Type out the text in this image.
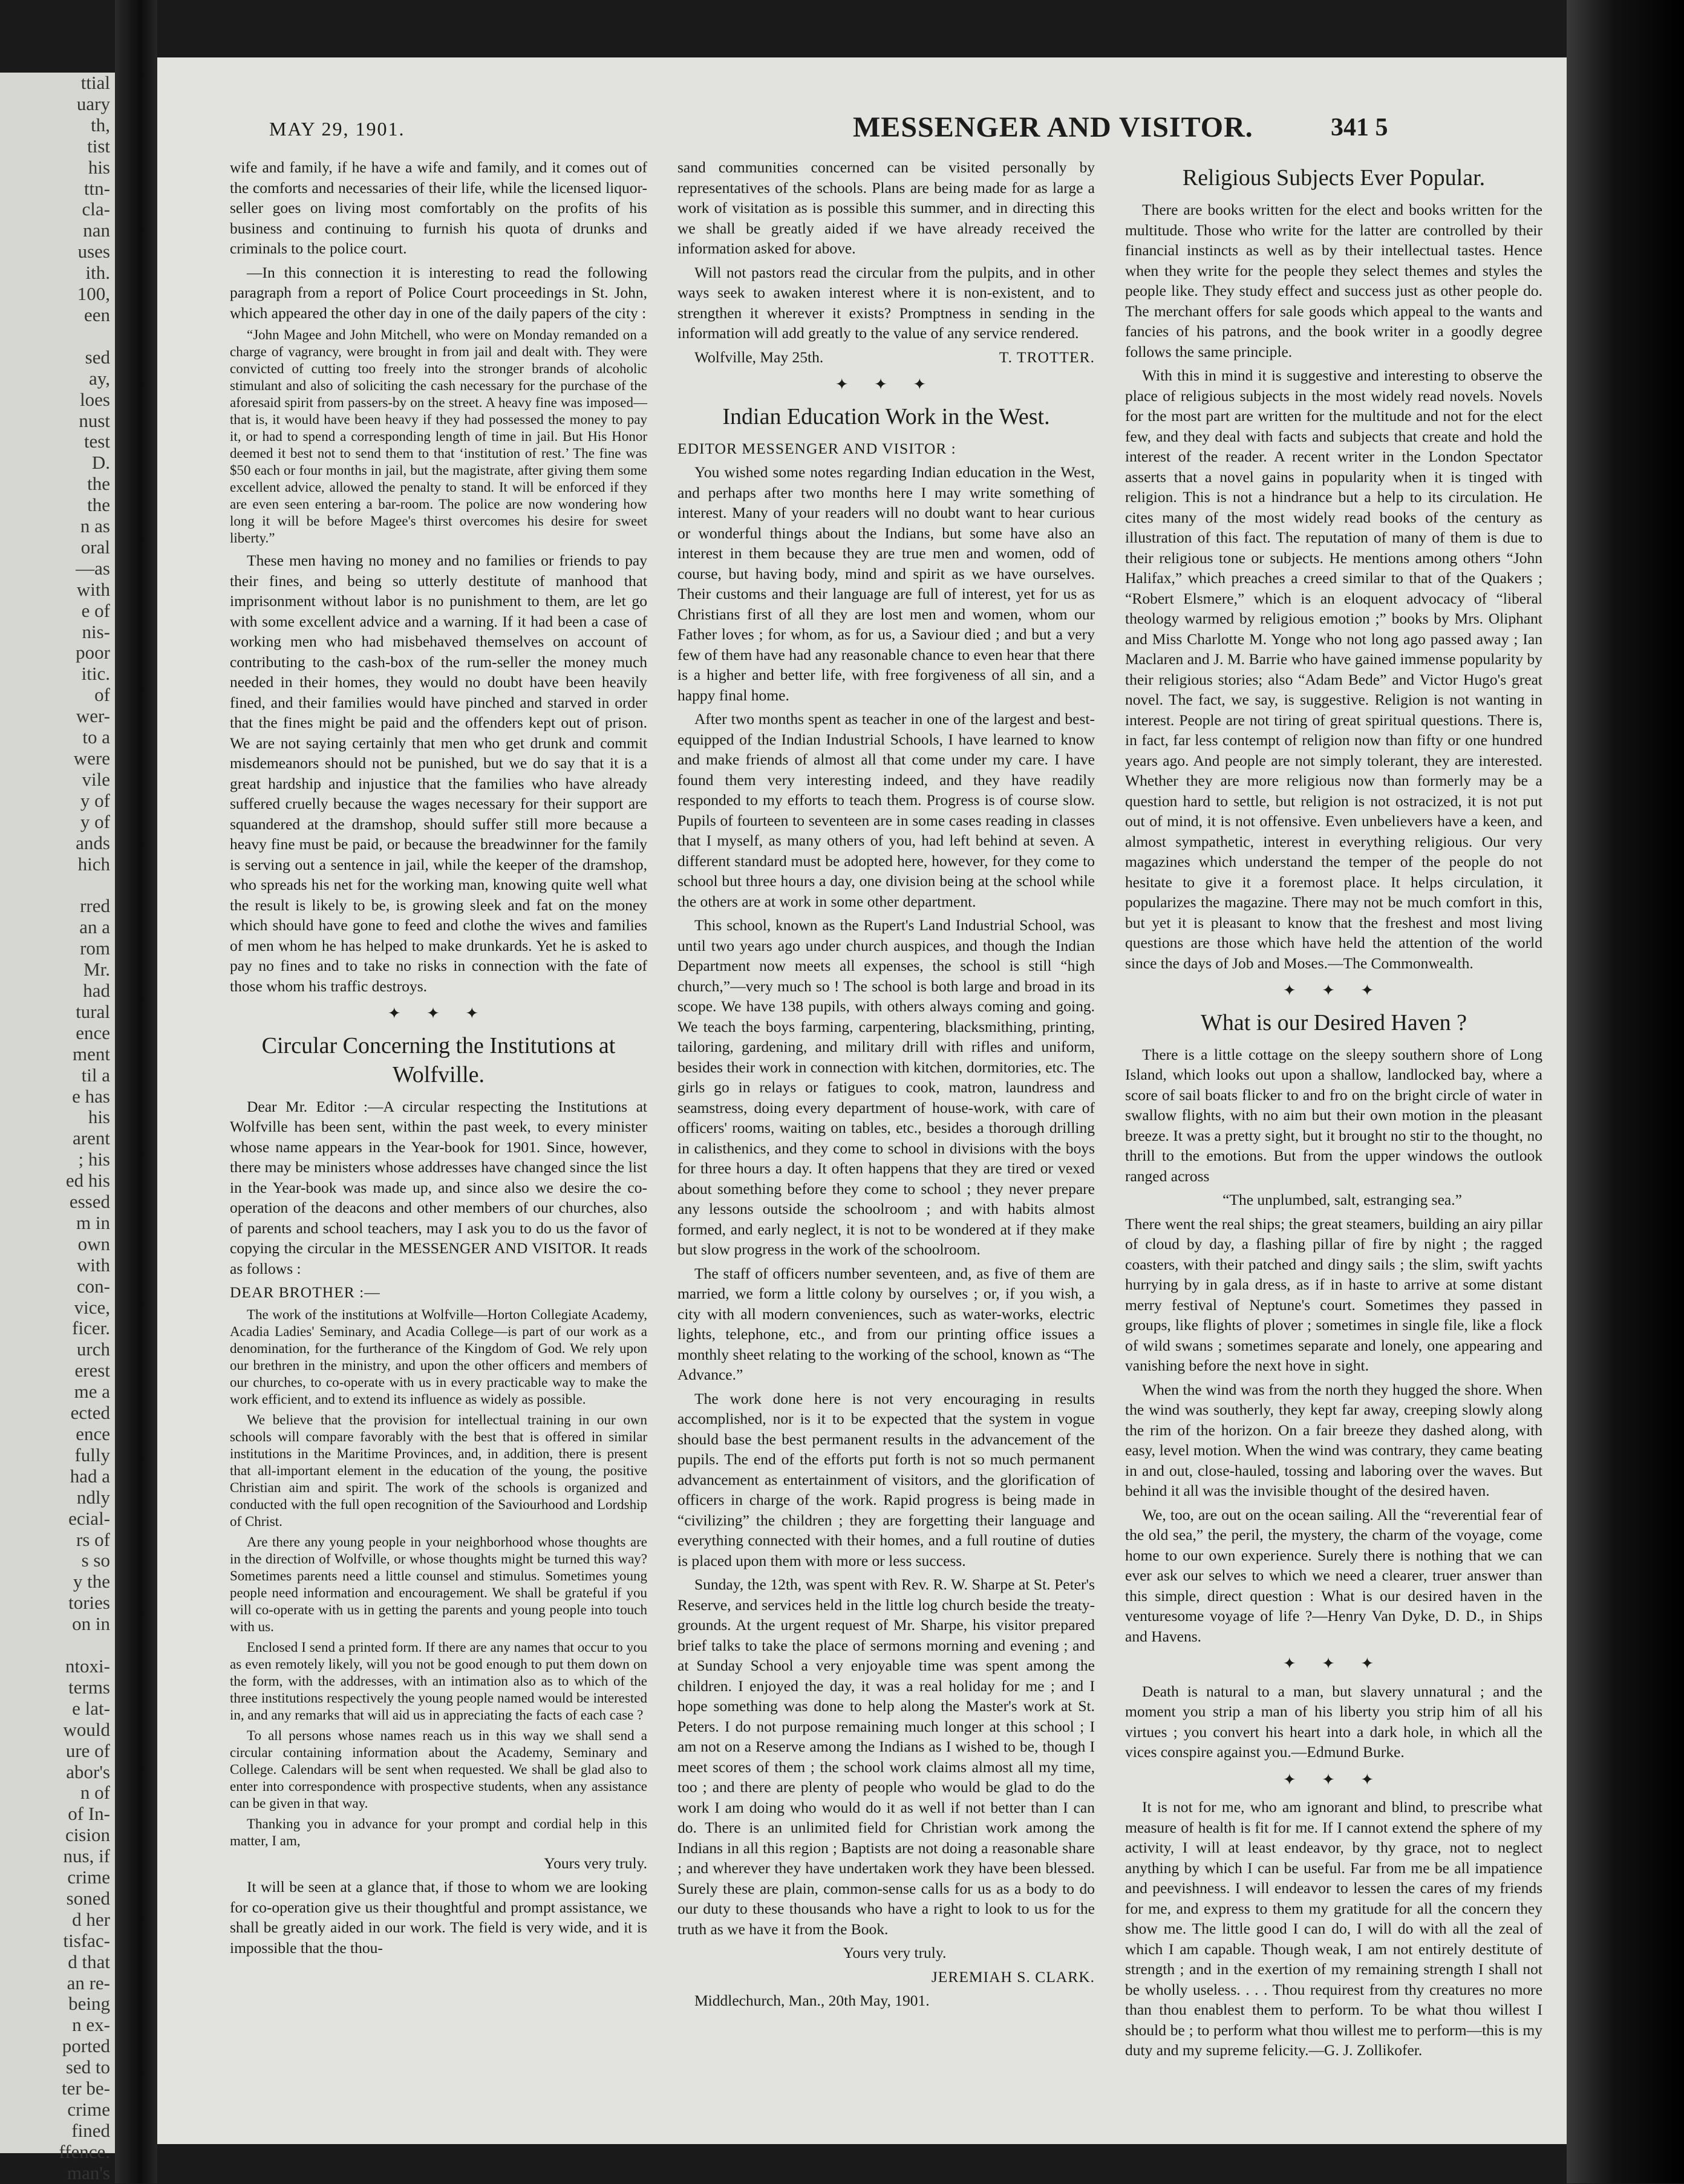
ttial
uary
th,
tist
his
ttn-
cla-
nan
uses
ith.
100,
een

sed
ay,
loes
nust
test
D.
the
the
n as
oral
—as
with
e of
nis-
poor
itic.
of
wer-
to a
were
vile
y of
y of
ands
hich

rred
an a
rom
Mr.
had
tural
ence
ment
til a
e has
his
arent
; his
ed his
essed
m in
own
with
con-
vice,
ficer.
urch
erest
me a
ected
ence
fully
had a
ndly
ecial-
rs of
s so
y the
tories
on in

ntoxi-
terms
e lat-
would
ure of
abor's
n of
of In-
cision
nus, if
crime
soned
d her
tisfac-
d that
an re-
being
n ex-
ported
sed to
ter be-
crime
fined
ffence.
man's
MAY 29, 1901.	MESSENGER AND VISITOR.	341 5

wife and family, if he have a wife and family, and it comes out of the comforts and necessaries of their life, while the licensed liquor-seller goes on living most comfortably on the profits of his business and continuing to furnish his quota of drunks and criminals to the police court.

—In this connection it is interesting to read the following paragraph from a report of Police Court proceedings in St. John, which appeared the other day in one of the daily papers of the city :

“John Magee and John Mitchell, who were on Monday remanded on a charge of vagrancy, were brought in from jail and dealt with. They were convicted of cutting too freely into the stronger brands of alcoholic stimulant and also of soliciting the cash necessary for the purchase of the aforesaid spirit from passers-by on the street. A heavy fine was imposed—that is, it would have been heavy if they had possessed the money to pay it, or had to spend a corresponding length of time in jail. But His Honor deemed it best not to send them to that ‘institution of rest.’ The fine was $50 each or four months in jail, but the magistrate, after giving them some excellent advice, allowed the penalty to stand. It will be enforced if they are even seen entering a bar-room. The police are now wondering how long it will be before Magee's thirst overcomes his desire for sweet liberty.”

These men having no money and no families or friends to pay their fines, and being so utterly destitute of manhood that imprisonment without labor is no punishment to them, are let go with some excellent advice and a warning. If it had been a case of working men who had misbehaved themselves on account of contributing to the cash-box of the rum-seller the money much needed in their homes, they would no doubt have been heavily fined, and their families would have pinched and starved in order that the fines might be paid and the offenders kept out of prison. We are not saying certainly that men who get drunk and commit misdemeanors should not be punished, but we do say that it is a great hardship and injustice that the families who have already suffered cruelly because the wages necessary for their support are squandered at the dramshop, should suffer still more because a heavy fine must be paid, or because the breadwinner for the family is serving out a sentence in jail, while the keeper of the dramshop, who spreads his net for the working man, knowing quite well what the result is likely to be, is growing sleek and fat on the money which should have gone to feed and clothe the wives and families of men whom he has helped to make drunkards. Yet he is asked to pay no fines and to take no risks in connection with the fate of those whom his traffic destroys.

✦ ✦ ✦
Circular Concerning the Institutions at Wolfville.

Dear Mr. Editor :—A circular respecting the Institutions at Wolfville has been sent, within the past week, to every minister whose name appears in the Year-book for 1901. Since, however, there may be ministers whose addresses have changed since the list in the Year-book was made up, and since also we desire the co-operation of the deacons and other members of our churches, also of parents and school teachers, may I ask you to do us the favor of copying the circular in the MESSENGER AND VISITOR. It reads as follows :

DEAR BROTHER :—

The work of the institutions at Wolfville—Horton Collegiate Academy, Acadia Ladies' Seminary, and Acadia College—is part of our work as a denomination, for the furtherance of the Kingdom of God. We rely upon our brethren in the ministry, and upon the other officers and members of our churches, to co-operate with us in every practicable way to make the work efficient, and to extend its influence as widely as possible.

We believe that the provision for intellectual training in our own schools will compare favorably with the best that is offered in similar institutions in the Maritime Provinces, and, in addition, there is present that all-important element in the education of the young, the positive Christian aim and spirit. The work of the schools is organized and conducted with the full open recognition of the Saviourhood and Lordship of Christ.

Are there any young people in your neighborhood whose thoughts are in the direction of Wolfville, or whose thoughts might be turned this way? Sometimes parents need a little counsel and stimulus. Sometimes young people need information and encouragement. We shall be grateful if you will co-operate with us in getting the parents and young people into touch with us.

Enclosed I send a printed form. If there are any names that occur to you as even remotely likely, will you not be good enough to put them down on the form, with the addresses, with an intimation also as to which of the three institutions respectively the young people named would be interested in, and any remarks that will aid us in appreciating the facts of each case ?

To all persons whose names reach us in this way we shall send a circular containing information about the Academy, Seminary and College. Calendars will be sent when requested. We shall be glad also to enter into correspondence with prospective students, when any assistance can be given in that way.

Thanking you in advance for your prompt and cordial help in this matter, I am,

Yours very truly.

It will be seen at a glance that, if those to whom we are looking for co-operation give us their thoughtful and prompt assistance, we shall be greatly aided in our work. The field is very wide, and it is impossible that the thou-

sand communities concerned can be visited personally by representatives of the schools. Plans are being made for as large a work of visitation as is possible this summer, and in directing this we shall be greatly aided if we have already received the information asked for above.

Will not pastors read the circular from the pulpits, and in other ways seek to awaken interest where it is non-existent, and to strengthen it wherever it exists? Promptness in sending in the information will add greatly to the value of any service rendered.

Wolfville, May 25th.	T. TROTTER.

✦ ✦ ✦
Indian Education Work in the West.

EDITOR MESSENGER AND VISITOR :

You wished some notes regarding Indian education in the West, and perhaps after two months here I may write something of interest. Many of your readers will no doubt want to hear curious or wonderful things about the Indians, but some have also an interest in them because they are true men and women, odd of course, but having body, mind and spirit as we have ourselves. Their customs and their language are full of interest, yet for us as Christians first of all they are lost men and women, whom our Father loves ; for whom, as for us, a Saviour died ; and but a very few of them have had any reasonable chance to even hear that there is a higher and better life, with free forgiveness of all sin, and a happy final home.

After two months spent as teacher in one of the largest and best-equipped of the Indian Industrial Schools, I have learned to know and make friends of almost all that come under my care. I have found them very interesting indeed, and they have readily responded to my efforts to teach them. Progress is of course slow. Pupils of fourteen to seventeen are in some cases reading in classes that I myself, as many others of you, had left behind at seven. A different standard must be adopted here, however, for they come to school but three hours a day, one division being at the school while the others are at work in some other department.

This school, known as the Rupert's Land Industrial School, was until two years ago under church auspices, and though the Indian Department now meets all expenses, the school is still “high church,”—very much so ! The school is both large and broad in its scope. We have 138 pupils, with others always coming and going. We teach the boys farming, carpentering, blacksmithing, printing, tailoring, gardening, and military drill with rifles and uniform, besides their work in connection with kitchen, dormitories, etc. The girls go in relays or fatigues to cook, matron, laundress and seamstress, doing every department of house-work, with care of officers' rooms, waiting on tables, etc., besides a thorough drilling in calisthenics, and they come to school in divisions with the boys for three hours a day. It often happens that they are tired or vexed about something before they come to school ; they never prepare any lessons outside the schoolroom ; and with habits almost formed, and early neglect, it is not to be wondered at if they make but slow progress in the work of the schoolroom.

The staff of officers number seventeen, and, as five of them are married, we form a little colony by ourselves ; or, if you wish, a city with all modern conveniences, such as water-works, electric lights, telephone, etc., and from our printing office issues a monthly sheet relating to the working of the school, known as “The Advance.”

The work done here is not very encouraging in results accomplished, nor is it to be expected that the system in vogue should base the best permanent results in the advancement of the pupils. The end of the efforts put forth is not so much permanent advancement as entertainment of visitors, and the glorification of officers in charge of the work. Rapid progress is being made in “civilizing” the children ; they are forgetting their language and everything connected with their homes, and a full routine of duties is placed upon them with more or less success.

Sunday, the 12th, was spent with Rev. R. W. Sharpe at St. Peter's Reserve, and services held in the little log church beside the treaty-grounds. At the urgent request of Mr. Sharpe, his visitor prepared brief talks to take the place of sermons morning and evening ; and at Sunday School a very enjoyable time was spent among the children. I enjoyed the day, it was a real holiday for me ; and I hope something was done to help along the Master's work at St. Peters. I do not purpose remaining much longer at this school ; I am not on a Reserve among the Indians as I wished to be, though I meet scores of them ; the school work claims almost all my time, too ; and there are plenty of people who would be glad to do the work I am doing who would do it as well if not better than I can do. There is an unlimited field for Christian work among the Indians in all this region ; Baptists are not doing a reasonable share ; and wherever they have undertaken work they have been blessed. Surely these are plain, common-sense calls for us as a body to do our duty to these thousands who have a right to look to us for the truth as we have it from the Book.

Yours very truly.

JEREMIAH S. CLARK.

Middlechurch, Man., 20th May, 1901.

Religious Subjects Ever Popular.

There are books written for the elect and books written for the multitude. Those who write for the latter are controlled by their financial instincts as well as by their intellectual tastes. Hence when they write for the people they select themes and styles the people like. They study effect and success just as other people do. The merchant offers for sale goods which appeal to the wants and fancies of his patrons, and the book writer in a goodly degree follows the same principle.

With this in mind it is suggestive and interesting to observe the place of religious subjects in the most widely read novels. Novels for the most part are written for the multitude and not for the elect few, and they deal with facts and subjects that create and hold the interest of the reader. A recent writer in the London Spectator asserts that a novel gains in popularity when it is tinged with religion. This is not a hindrance but a help to its circulation. He cites many of the most widely read books of the century as illustration of this fact. The reputation of many of them is due to their religious tone or subjects. He mentions among others “John Halifax,” which preaches a creed similar to that of the Quakers ; “Robert Elsmere,” which is an eloquent advocacy of “liberal theology warmed by religious emotion ;” books by Mrs. Oliphant and Miss Charlotte M. Yonge who not long ago passed away ; Ian Maclaren and J. M. Barrie who have gained immense popularity by their religious stories; also “Adam Bede” and Victor Hugo's great novel. The fact, we say, is suggestive. Religion is not wanting in interest. People are not tiring of great spiritual questions. There is, in fact, far less contempt of religion now than fifty or one hundred years ago. And people are not simply tolerant, they are interested. Whether they are more religious now than formerly may be a question hard to settle, but religion is not ostracized, it is not put out of mind, it is not offensive. Even unbelievers have a keen, and almost sympathetic, interest in everything religious. Our very magazines which understand the temper of the people do not hesitate to give it a foremost place. It helps circulation, it popularizes the magazine. There may not be much comfort in this, but yet it is pleasant to know that the freshest and most living questions are those which have held the attention of the world since the days of Job and Moses.—The Commonwealth.

✦ ✦ ✦
What is our Desired Haven ?

There is a little cottage on the sleepy southern shore of Long Island, which looks out upon a shallow, landlocked bay, where a score of sail boats flicker to and fro on the bright circle of water in swallow flights, with no aim but their own motion in the pleasant breeze. It was a pretty sight, but it brought no stir to the thought, no thrill to the emotions. But from the upper windows the outlook ranged across

“The unplumbed, salt, estranging sea.”

There went the real ships; the great steamers, building an airy pillar of cloud by day, a flashing pillar of fire by night ; the ragged coasters, with their patched and dingy sails ; the slim, swift yachts hurrying by in gala dress, as if in haste to arrive at some distant merry festival of Neptune's court. Sometimes they passed in groups, like flights of plover ; sometimes in single file, like a flock of wild swans ; sometimes separate and lonely, one appearing and vanishing before the next hove in sight.

When the wind was from the north they hugged the shore. When the wind was southerly, they kept far away, creeping slowly along the rim of the horizon. On a fair breeze they dashed along, with easy, level motion. When the wind was contrary, they came beating in and out, close-hauled, tossing and laboring over the waves. But behind it all was the invisible thought of the desired haven.

We, too, are out on the ocean sailing. All the “reverential fear of the old sea,” the peril, the mystery, the charm of the voyage, come home to our own experience. Surely there is nothing that we can ever ask our selves to which we need a clearer, truer answer than this simple, direct question : What is our desired haven in the venturesome voyage of life ?—Henry Van Dyke, D. D., in Ships and Havens.

✦ ✦ ✦

Death is natural to a man, but slavery unnatural ; and the moment you strip a man of his liberty you strip him of all his virtues ; you convert his heart into a dark hole, in which all the vices conspire against you.—Edmund Burke.

✦ ✦ ✦

It is not for me, who am ignorant and blind, to prescribe what measure of health is fit for me. If I cannot extend the sphere of my activity, I will at least endeavor, by thy grace, not to neglect anything by which I can be useful. Far from me be all impatience and peevishness. I will endeavor to lessen the cares of my friends for me, and express to them my gratitude for all the concern they show me. The little good I can do, I will do with all the zeal of which I am capable. Though weak, I am not entirely destitute of strength ; and in the exertion of my remaining strength I shall not be wholly useless. . . . Thou requirest from thy creatures no more than thou enablest them to perform. To be what thou willest I should be ; to perform what thou willest me to perform—this is my duty and my supreme felicity.—G. J. Zollikofer.
